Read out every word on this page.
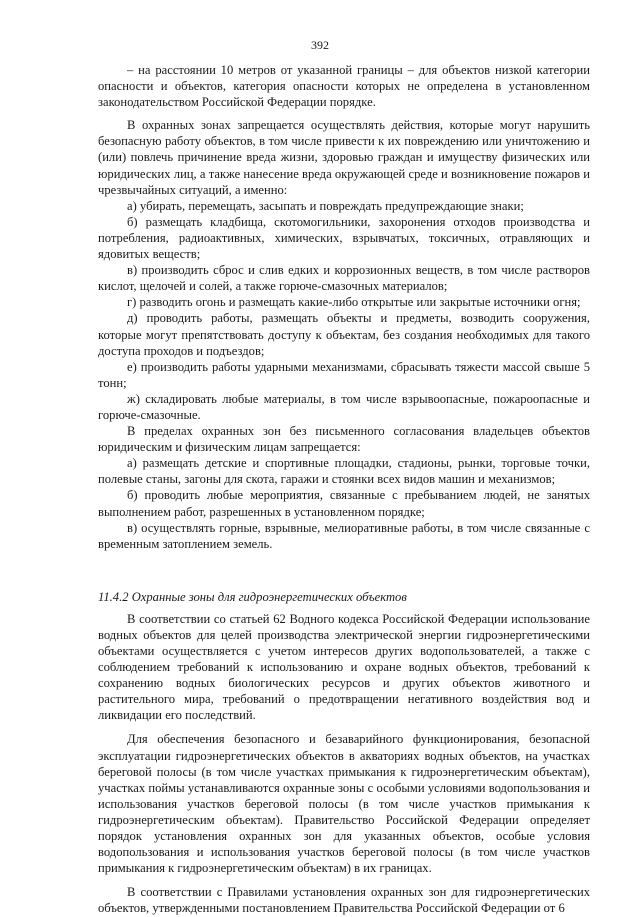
392

– на расстоянии 10 метров от указанной границы – для объектов низкой категории опасности и объектов, категория опасности которых не определена в установленном законодательством Российской Федерации порядке.

В охранных зонах запрещается осуществлять действия, которые могут нарушить безопасную работу объектов, в том числе привести к их повреждению или уничтожению и (или) повлечь причинение вреда жизни, здоровью граждан и имуществу физических или юридических лиц, а также нанесение вреда окружающей среде и возникновение пожаров и чрезвычайных ситуаций, а именно:

а) убирать, перемещать, засыпать и повреждать предупреждающие знаки;

б) размещать кладбища, скотомогильники, захоронения отходов производства и потребления, радиоактивных, химических, взрывчатых, токсичных, отравляющих и ядовитых веществ;

в) производить сброс и слив едких и коррозионных веществ, в том числе растворов кислот, щелочей и солей, а также горюче-смазочных материалов;

г) разводить огонь и размещать какие-либо открытые или закрытые источники огня;

д) проводить работы, размещать объекты и предметы, возводить сооружения, которые могут препятствовать доступу к объектам, без создания необходимых для такого доступа проходов и подъездов;

е) производить работы ударными механизмами, сбрасывать тяжести массой свыше 5 тонн;

ж) складировать любые материалы, в том числе взрывоопасные, пожароопасные и горюче-смазочные.

В пределах охранных зон без письменного согласования владельцев объектов юридическим и физическим лицам запрещается:

а) размещать детские и спортивные площадки, стадионы, рынки, торговые точки, полевые станы, загоны для скота, гаражи и стоянки всех видов машин и механизмов;

б) проводить любые мероприятия, связанные с пребыванием людей, не занятых выполнением работ, разрешенных в установленном порядке;

в) осуществлять горные, взрывные, мелиоративные работы, в том числе связанные с временным затоплением земель.

11.4.2 Охранные зоны для гидроэнергетических объектов

В соответствии со статьей 62 Водного кодекса Российской Федерации использование водных объектов для целей производства электрической энергии гидроэнергетическими объектами осуществляется с учетом интересов других водопользователей, а также с соблюдением требований к использованию и охране водных объектов, требований к сохранению водных биологических ресурсов и других объектов животного и растительного мира, требований о предотвращении негативного воздействия вод и ликвидации его последствий.

Для обеспечения безопасного и безаварийного функционирования, безопасной эксплуатации гидроэнергетических объектов в акваториях водных объектов, на участках береговой полосы (в том числе участках примыкания к гидроэнергетическим объектам), участках поймы устанавливаются охранные зоны с особыми условиями водопользования и использования участков береговой полосы (в том числе участков примыкания к гидроэнергетическим объектам). Правительство Российской Федерации определяет порядок установления охранных зон для указанных объектов, особые условия водопользования и использования участков береговой полосы (в том числе участков примыкания к гидроэнергетическим объектам) в их границах.

В соответствии с Правилами установления охранных зон для гидроэнергетических объектов, утвержденными постановлением Правительства Российской Федерации от 6
